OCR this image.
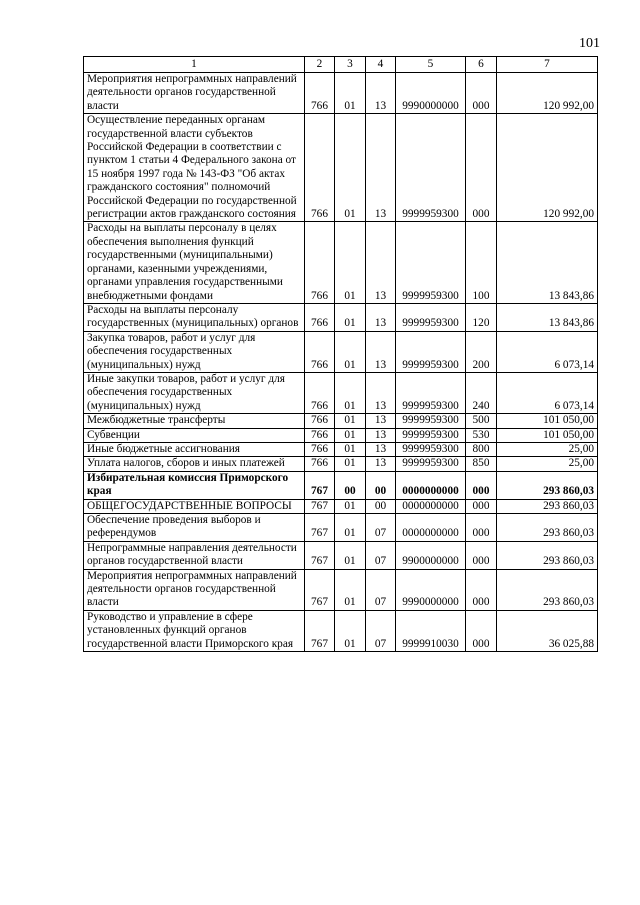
101
1	2	3	4	5	6	7
Мероприятия непрограммных направлений деятельности органов государственной власти	766	01	13	9990000000	000	120 992,00
Осуществление переданных органам государственной власти субъектов Российской Федерации в соответствии с пунктом 1 статьи 4 Федерального закона от 15 ноября 1997 года № 143-ФЗ "Об актах гражданского состояния" полномочий Российской Федерации по государственной регистрации актов гражданского состояния	766	01	13	9999959300	000	120 992,00
Расходы на выплаты персоналу в целях обеспечения выполнения функций государственными (муниципальными) органами, казенными учреждениями, органами управления государственными внебюджетными фондами	766	01	13	9999959300	100	13 843,86
Расходы на выплаты персоналу государственных (муниципальных) органов	766	01	13	9999959300	120	13 843,86
Закупка товаров, работ и услуг для обеспечения государственных (муниципальных) нужд	766	01	13	9999959300	200	6 073,14
Иные закупки товаров, работ и услуг для обеспечения государственных (муниципальных) нужд	766	01	13	9999959300	240	6 073,14
Межбюджетные трансферты	766	01	13	9999959300	500	101 050,00
Субвенции	766	01	13	9999959300	530	101 050,00
Иные бюджетные ассигнования	766	01	13	9999959300	800	25,00
Уплата налогов, сборов и иных платежей	766	01	13	9999959300	850	25,00
Избирательная комиссия Приморского края	767	00	00	0000000000	000	293 860,03
ОБЩЕГОСУДАРСТВЕННЫЕ ВОПРОСЫ	767	01	00	0000000000	000	293 860,03
Обеспечение проведения выборов и референдумов	767	01	07	0000000000	000	293 860,03
Непрограммные направления деятельности органов государственной власти	767	01	07	9900000000	000	293 860,03
Мероприятия непрограммных направлений деятельности органов государственной власти	767	01	07	9990000000	000	293 860,03
Руководство и управление в сфере установленных функций органов государственной власти Приморского края	767	01	07	9999910030	000	36 025,88
